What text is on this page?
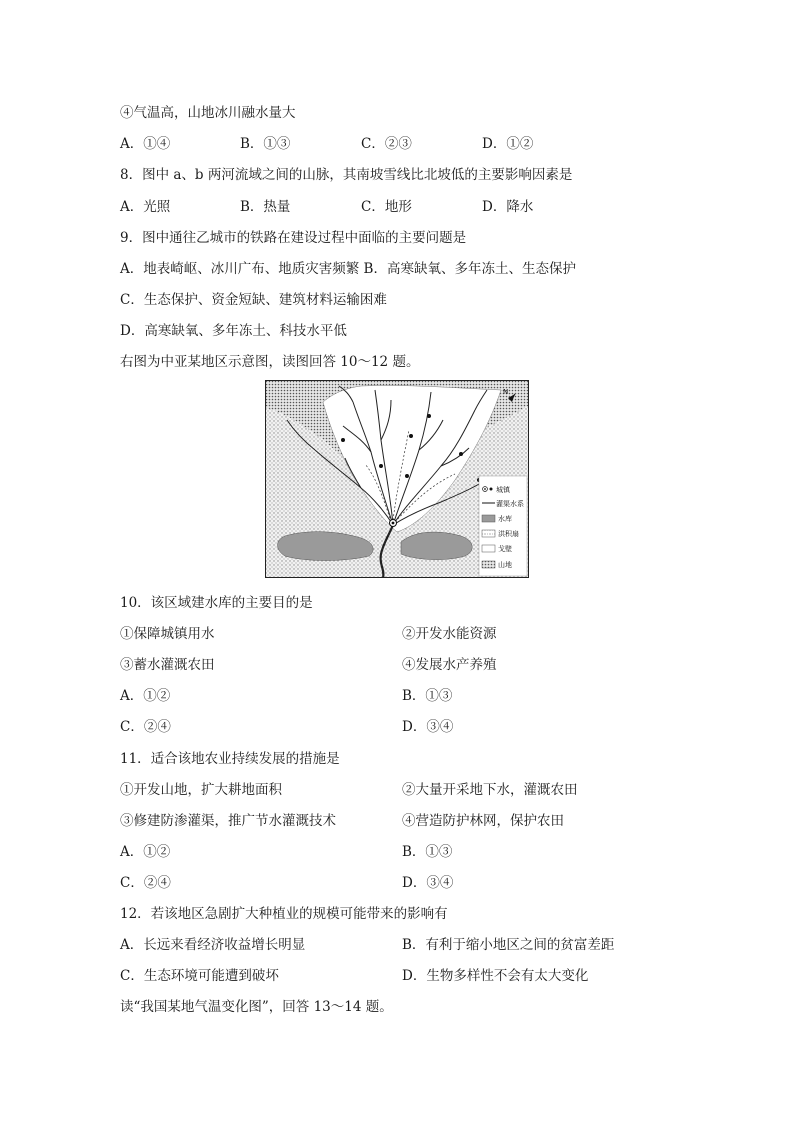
④气温高，山地冰川融水量大
A．①④	B．①③	C．②③	D．①②
8．图中 a、b 两河流域之间的山脉，其南坡雪线比北坡低的主要影响因素是
A．光照	B．热量	C．地形	D．降水
9．图中通往乙城市的铁路在建设过程中面临的主要问题是
A．地表崎岖、冰川广布、地质灾害频繁 B．高寒缺氧、多年冻土、生态保护
C．生态保护、资金短缺、建筑材料运输困难
D．高寒缺氧、多年冻土、科技水平低
右图为中亚某地区示意图，读图回答 10～12 题。
N
城镇
灌渠水系
水库
洪积扇
戈壁
山地
10．该区域建水库的主要目的是
①保障城镇用水	②开发水能资源
③蓄水灌溉农田	④发展水产养殖
A．①②	B．①③
C．②④	D．③④
11．适合该地农业持续发展的措施是
①开发山地，扩大耕地面积	②大量开采地下水，灌溉农田
③修建防渗灌渠，推广节水灌溉技术	④营造防护林网，保护农田
A．①②	B．①③
C．②④	D．③④
12．若该地区急剧扩大种植业的规模可能带来的影响有
A．长远来看经济收益增长明显	B．有利于缩小地区之间的贫富差距
C．生态环境可能遭到破坏	D．生物多样性不会有太大变化
读“我国某地气温变化图”，回答 13～14 题。
